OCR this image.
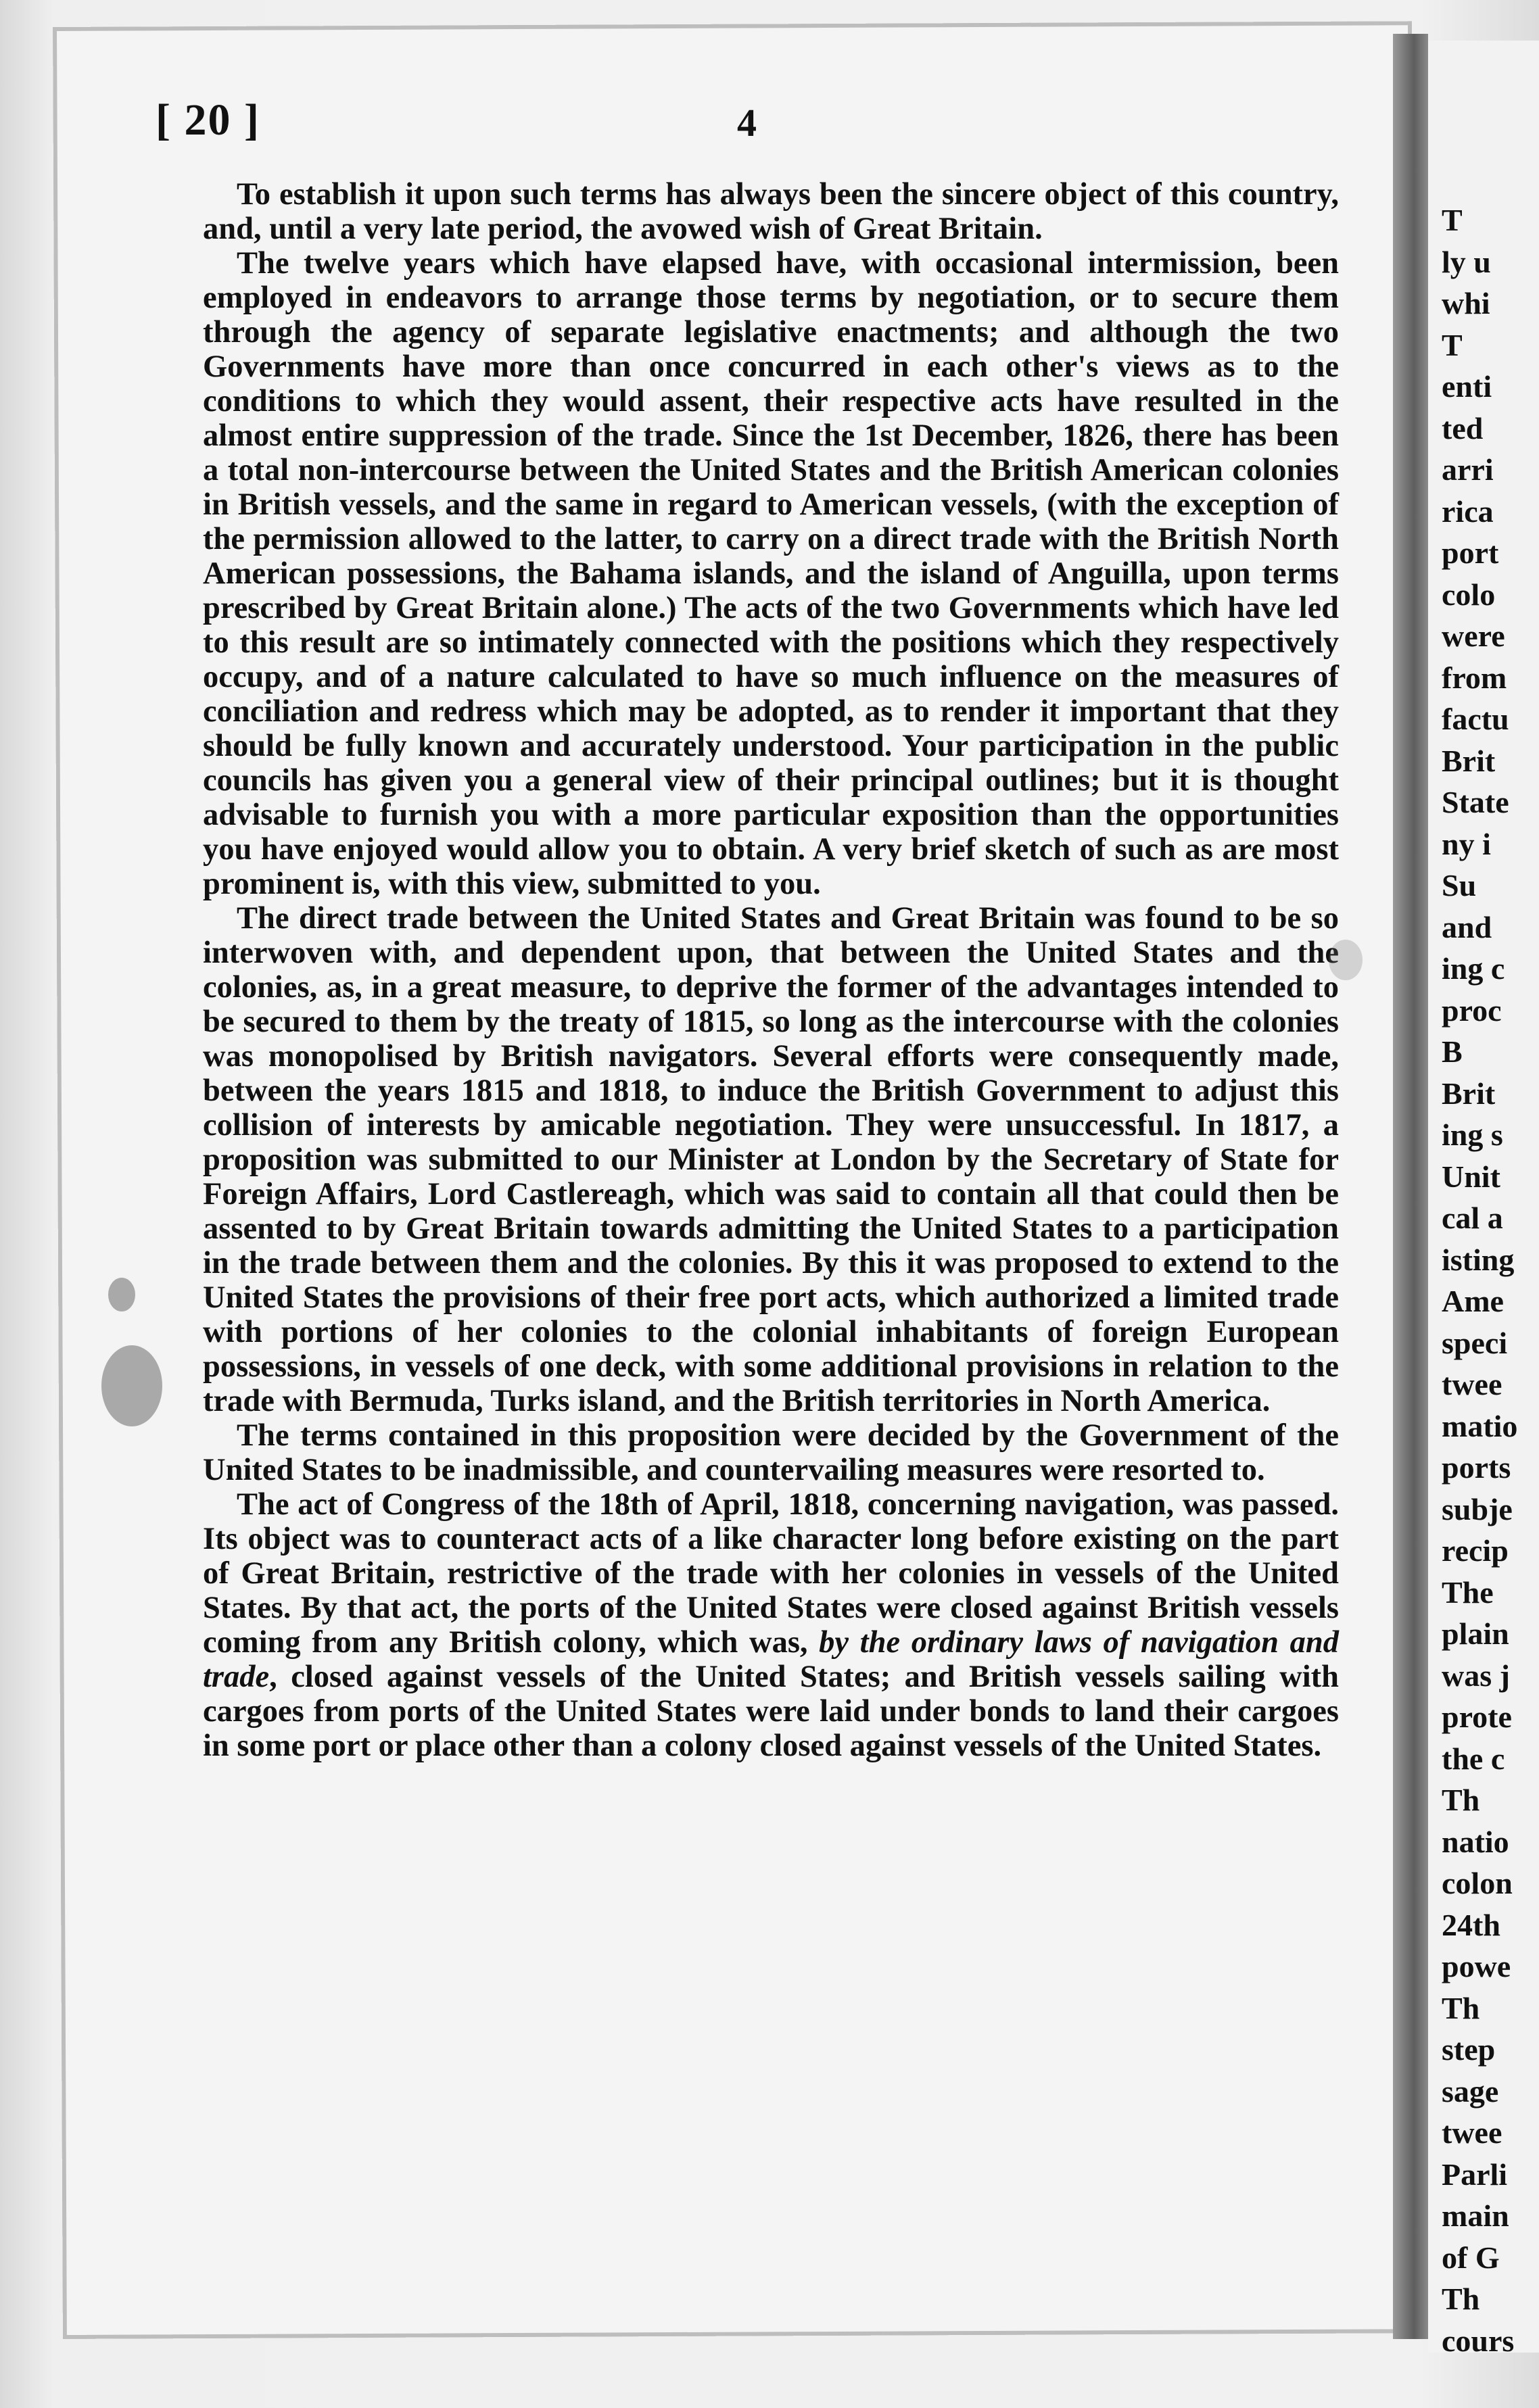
[ 20 ]	4

To establish it upon such terms has always been the sincere object of this country, and, until a very late period, the avowed wish of Great Britain.

The twelve years which have elapsed have, with occasional intermission, been employed in endeavors to arrange those terms by negotiation, or to secure them through the agency of separate legislative enactments; and although the two Governments have more than once concurred in each other's views as to the conditions to which they would assent, their respective acts have resulted in the almost entire suppression of the trade. Since the 1st December, 1826, there has been a total non-intercourse between the United States and the British American colonies in British vessels, and the same in regard to American vessels, (with the exception of the permission allowed to the latter, to carry on a direct trade with the British North American possessions, the Bahama islands, and the island of Anguilla, upon terms prescribed by Great Britain alone.) The acts of the two Governments which have led to this result are so intimately connected with the positions which they respectively occupy, and of a nature calculated to have so much influence on the measures of conciliation and redress which may be adopted, as to render it important that they should be fully known and accurately understood. Your participation in the public councils has given you a general view of their principal outlines; but it is thought advisable to furnish you with a more particular exposition than the opportunities you have enjoyed would allow you to obtain. A very brief sketch of such as are most prominent is, with this view, submitted to you.

The direct trade between the United States and Great Britain was found to be so interwoven with, and dependent upon, that between the United States and the colonies, as, in a great measure, to deprive the former of the advantages intended to be secured to them by the treaty of 1815, so long as the intercourse with the colonies was monopolised by British navigators. Several efforts were consequently made, between the years 1815 and 1818, to induce the British Government to adjust this collision of interests by amicable negotiation. They were unsuccessful. In 1817, a proposition was submitted to our Minister at London by the Secretary of State for Foreign Affairs, Lord Castlereagh, which was said to contain all that could then be assented to by Great Britain towards admitting the United States to a participation in the trade between them and the colonies. By this it was proposed to extend to the United States the provisions of their free port acts, which authorized a limited trade with portions of her colonies to the colonial inhabitants of foreign European possessions, in vessels of one deck, with some additional provisions in relation to the trade with Bermuda, Turks island, and the British territories in North America.

The terms contained in this proposition were decided by the Government of the United States to be inadmissible, and countervailing measures were resorted to.

The act of Congress of the 18th of April, 1818, concerning navigation, was passed. Its object was to counteract acts of a like character long before existing on the part of Great Britain, restrictive of the trade with her colonies in vessels of the United States. By that act, the ports of the United States were closed against British vessels coming from any British colony, which was, by the ordinary laws of navigation and trade, closed against vessels of the United States; and British vessels sailing with cargoes from ports of the United States were laid under bonds to land their cargoes in some port or place other than a colony closed against vessels of the United States.

T
ly u
whi
T
enti
ted
arri
rica
port
colo
were
from
factu
Brit
State
ny i
Su
and
ing c
proc
B
Brit
ing s
Unit
cal a
isting
Ame
speci
twee
matio
ports
subje
recip
The
plain
was j
prote
the c
Th
natio
colon
24th
powe
Th
step
sage
twee
Parli
main
of G
Th
cours
